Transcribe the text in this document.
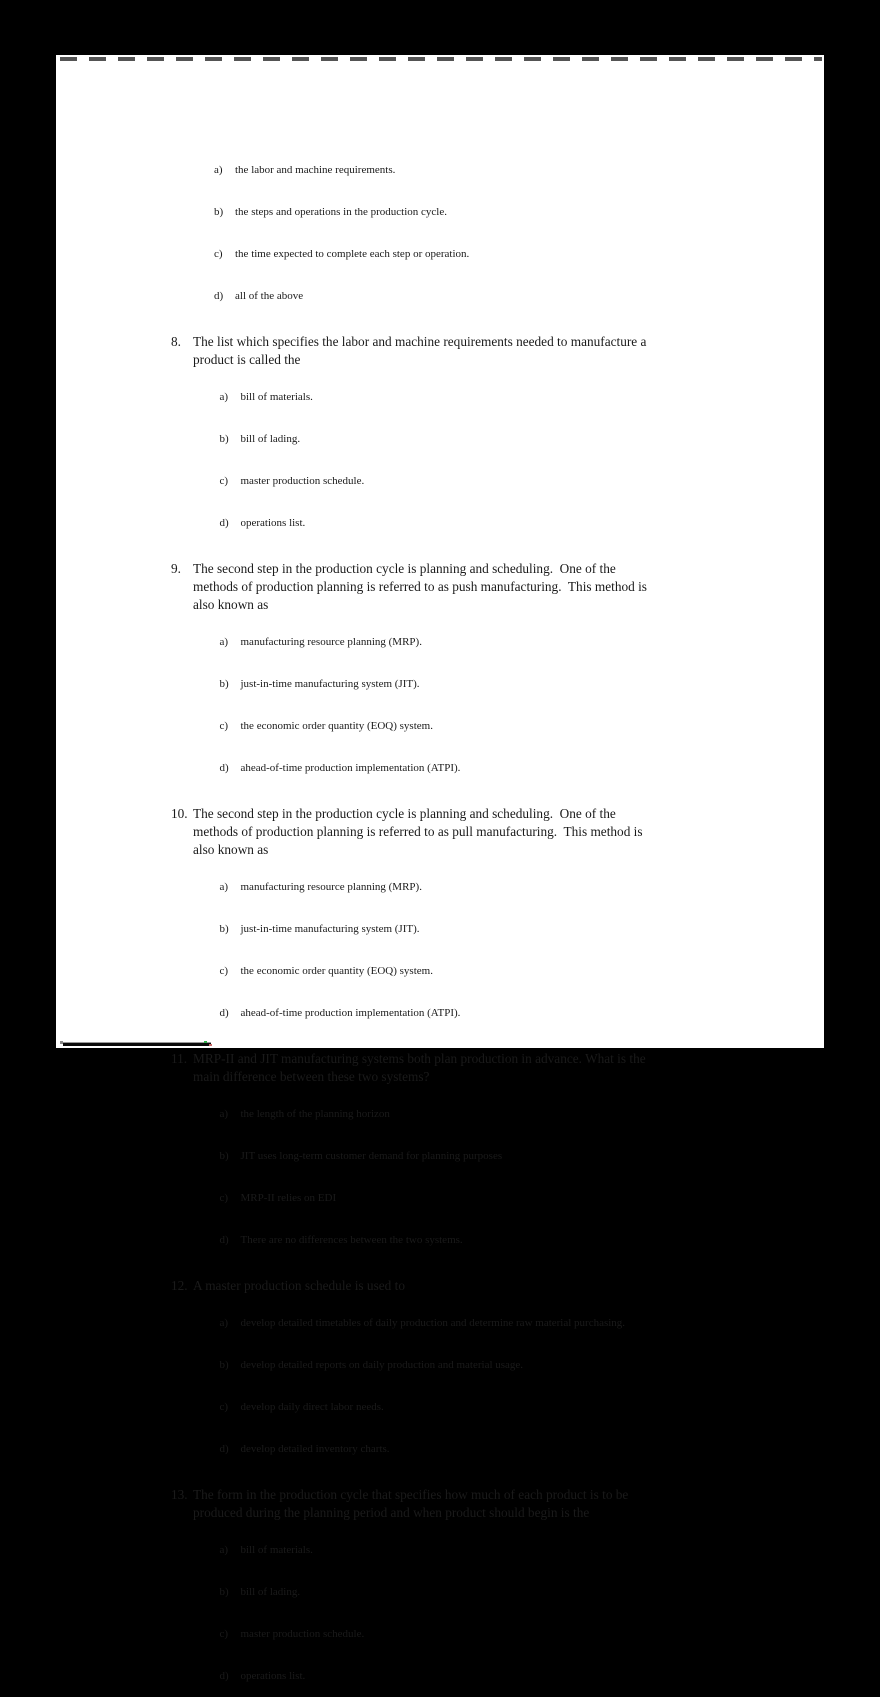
a) the labor and machine requirements.

b) the steps and operations in the production cycle.

c) the time expected to complete each step or operation.

d) all of the above

8. The list which specifies the labor and machine requirements needed to manufacture a
product is called the

a) bill of materials.

b) bill of lading.

c) master production schedule.

d) operations list.

9. The second step in the production cycle is planning and scheduling.  One of the
methods of production planning is referred to as push manufacturing.  This method is
also known as

a) manufacturing resource planning (MRP).

b) just-in-time manufacturing system (JIT).

c) the economic order quantity (EOQ) system.

d) ahead-of-time production implementation (ATPI).

10. The second step in the production cycle is planning and scheduling.  One of the
methods of production planning is referred to as pull manufacturing.  This method is
also known as

a) manufacturing resource planning (MRP).

b) just-in-time manufacturing system (JIT).

c) the economic order quantity (EOQ) system.

d) ahead-of-time production implementation (ATPI).

11. MRP-II and JIT manufacturing systems both plan production in advance. What is the
main difference between these two systems?

a) the length of the planning horizon

b) JIT uses long-term customer demand for planning purposes

c) MRP-II relies on EDI

d) There are no differences between the two systems.

12. A master production schedule is used to

a) develop detailed timetables of daily production and determine raw material purchasing.

b) develop detailed reports on daily production and material usage.

c) develop daily direct labor needs.

d) develop detailed inventory charts.

13. The form in the production cycle that specifies how much of each product is to be
produced during the planning period and when product should begin is the

a) bill of materials.

b) bill of lading.

c) master production schedule.

d) operations list.
